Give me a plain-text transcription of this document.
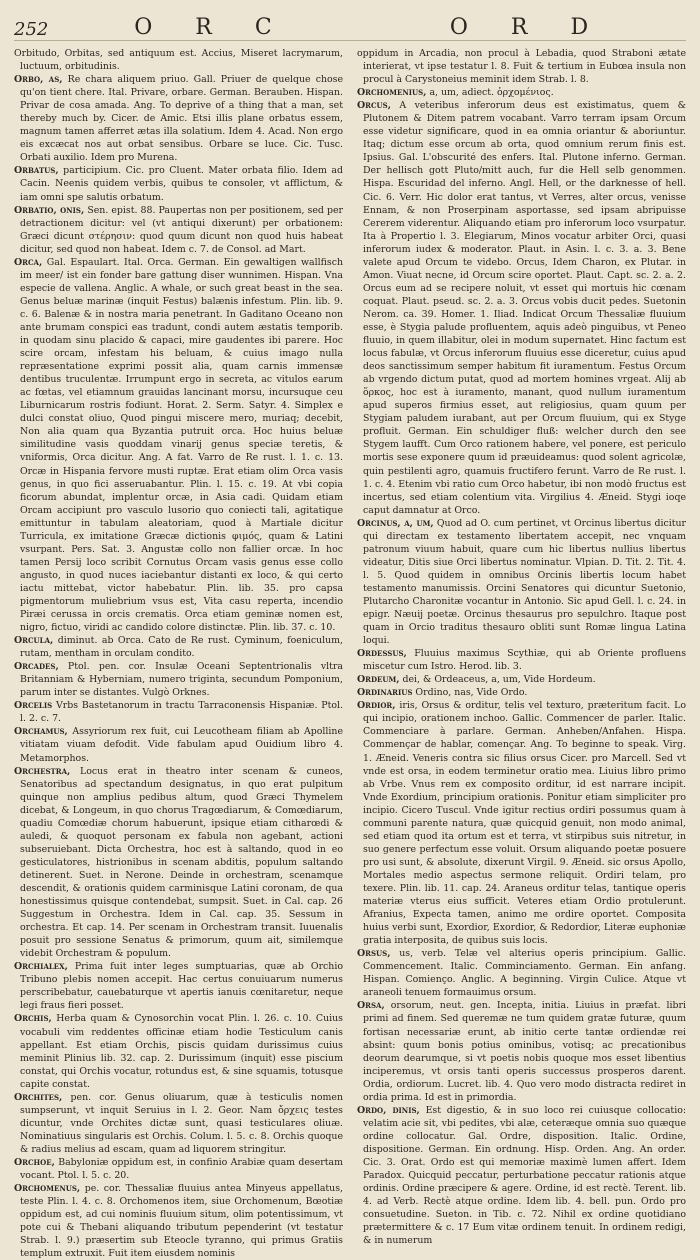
252	O R C	O R D

Orbitudo, Orbitas, sed antiquum est. Accius, Miseret lacrymarum, luctuum, orbitudinis.

Orbo, as, Re chara aliquem priuo. Gall. Priuer de quelque chose qu'on tient chere. Ital. Privare, orbare. German. Berauben. Hispan. Privar de cosa amada. Ang. To deprive of a thing that a man, set thereby much by. Cicer. de Amic. Etsi illis plane orbatus essem, magnum tamen afferret ætas illa solatium. Idem 4. Acad. Non ergo eis excæcat nos aut orbat sensibus. Orbare se luce. Cic. Tusc. Orbati auxilio. Idem pro Murena.

Orbatus, participium. Cic. pro Cluent. Mater orbata filio. Idem ad Cacin. Neenis quidem verbis, quibus te consoler, vt afflictum, & iam omni spe salutis orbatum.

Orbatio, onis, Sen. epist. 88. Paupertas non per positionem, sed per detractionem dicitur: vel (vt antiqui dixerunt) per orbationem: Græci dicunt στέρησιν: quod quum dicunt non quod huis habeat dicitur, sed quod non habeat. Idem c. 7. de Consol. ad Mart.

Orca, Gal. Espaulart. Ital. Orca. German. Ein gewaltigen wallfisch im meer/ ist ein fonder bare gattung diser wunnimen. Hispan. Vna especie de vallena. Anglic. A whale, or such great beast in the sea. Genus beluæ marinæ (inquit Festus) balænis infestum. Plin. lib. 9. c. 6. Balenæ & in nostra maria penetrant. In Gaditano Oceano non ante brumam conspici eas tradunt, condi autem æstatis temporib. in quodam sinu placido & capaci, mire gaudentes ibi parere. Hoc scire orcam, infestam his beluam, & cuius imago nulla repræsentatione exprimi possit alia, quam carnis immensæ dentibus truculentæ. Irrumpunt ergo in secreta, ac vitulos earum ac fœtas, vel etiamnum grauidas lancinant morsu, incursuque ceu Liburnicarum rostris fodiunt. Horat. 2. Serm. Satyr. 4. Simplex e dulci constat oliuo, Quod pingui miscere mero, muriaq; decebit, Non alia quam qua Byzantia putruit orca. Hoc huius beluæ similitudine vasis quoddam vinarij genus speciæ teretis, & vniformis, Orca dicitur. Ang. A fat. Varro de Re rust. l. 1. c. 13. Orcæ in Hispania fervore musti ruptæ. Erat etiam olim Orca vasis genus, in quo fici asseruabantur. Plin. l. 15. c. 19. At vbi copia ficorum abundat, implentur orcæ, in Asia cadi. Quidam etiam Orcam accipiunt pro vasculo lusorio quo coniecti tali, agitatique emittuntur in tabulam aleatoriam, quod à Martiale dicitur Turricula, ex imitatione Græcæ dictionis φιμός, quam & Latini vsurpant. Pers. Sat. 3. Angustæ collo non fallier orcæ. In hoc tamen Persij loco scribit Cornutus Orcam vasis genus esse collo angusto, in quod nuces iaciebantur distanti ex loco, & qui certo iactu mittebat, victor habebatur. Plin. lib. 35. pro capsa pigmentorum muliebrium vsus est, Vita casu reperta, incendio Piræi cerussa in orcis crematis. Orca etiam geminæ nomen est, nigro, fictuo, viridi ac candido colore distinctæ. Plin. lib. 37. c. 10.

Orcula, diminut. ab Orca. Cato de Re rust. Cyminum, foeniculum, rutam, mentham in orculam condito.

Orcades, Ptol. pen. cor. Insulæ Oceani Septentrionalis vltra Britanniam & Hyberniam, numero triginta, secundum Pomponium, parum inter se distantes. Vulgò Orknes.

Orcelis Vrbs Bastetanorum in tractu Tarraconensis Hispaniæ. Ptol. l. 2. c. 7.

Orchamus, Assyriorum rex fuit, cui Leucotheam filiam ab Apolline vitiatam viuam defodit. Vide fabulam apud Ouidium libro 4. Metamorphos.

Orchestra, Locus erat in theatro inter scenam & cuneos, Senatoribus ad spectandum designatus, in quo erat pulpitum quinque non amplius pedibus altum, quod Græci Thymelem dicebat, & Longeum, in quo chorus Tragœdiarum, & Comœdiarum, quadiu Comœdiæ chorum habuerunt, ipsique etiam citharœdi & auledi, & quoquot personam ex fabula non agebant, actioni subseruiebant. Dicta Orchestra, hoc est à saltando, quod in eo gesticulatores, histrionibus in scenam abditis, populum saltando detinerent. Suet. in Nerone. Deinde in orchestram, scenamque descendit, & orationis quidem carminisque Latini coronam, de qua honestissimus quisque contendebat, sumpsit. Suet. in Cal. cap. 26 Suggestum in Orchestra. Idem in Cal. cap. 35. Sessum in orchestra. Et cap. 14. Per scenam in Orchestram transit. Iuuenalis posuit pro sessione Senatus & primorum, quum ait, similemque videbit Orchestram & populum.

Orchialex, Prima fuit inter leges sumptuarias, quæ ab Orchio Tribuno plebis nomen accepit. Hac certus conuiuarum numerus perscribebatur, cauebaturque vt apertis ianuis cœnitaretur, neque legi fraus fieri posset.

Orchis, Herba quam & Cynosorchin vocat Plin. l. 26. c. 10. Cuius vocabuli vim reddentes officinæ etiam hodie Testiculum canis appellant. Est etiam Orchis, piscis quidam durissimus cuius meminit Plinius lib. 32. cap. 2. Durissimum (inquit) esse piscium constat, qui Orchis vocatur, rotundus est, & sine squamis, totusque capite constat.

Orchites, pen. cor. Genus oliuarum, quæ à testiculis nomen sumpserunt, vt inquit Seruius in l. 2. Geor. Nam ὄρχεις testes dicuntur, vnde Orchites dictæ sunt, quasi testiculares oliuæ. Nominatiuus singularis est Orchis. Colum. l. 5. c. 8. Orchis quoque & radius melius ad escam, quam ad liquorem stringitur.

Orchoe, Babyloniæ oppidum est, in confinio Arabiæ quam desertam vocant. Ptol. l. 5. c. 20.

Orchomenus, pe. cor. Thessaliæ fluuius antea Minyeus appellatus, teste Plin. l. 4. c. 8. Orchomenos item, siue Orchomenum, Bœotiæ oppidum est, ad cui nominis fluuium situm, olim potentissimum, vt pote cui & Thebani aliquando tributum pependerint (vt testatur Strab. l. 9.) præsertim sub Eteocle tyranno, qui primus Gratiis templum extruxit. Fuit item eiusdem nominis

oppidum in Arcadia, non procul à Lebadia, quod Straboni ætate interierat, vt ipse testatur l. 8. Fuit & tertium in Eubœa insula non procul à Carystoneius meminit idem Strab. l. 8.

Orchomenius, a, um, adiect. ὀρχομένιος.

Orcus, A veteribus inferorum deus est existimatus, quem & Plutonem & Ditem patrem vocabant. Varro terram ipsam Orcum esse videtur significare, quod in ea omnia oriantur & aboriuntur. Itaq; dictum esse orcum ab orta, quod omnium rerum finis est. Ipsius. Gal. L'obscurité des enfers. Ital. Plutone inferno. German. Der hellisch gott Pluto/mitt auch, fur die Hell selb genommen. Hispa. Escuridad del inferno. Angl. Hell, or the darknesse of hell. Cic. 6. Verr. Hic dolor erat tantus, vt Verres, alter orcus, venisse Ennam, & non Proserpinam asportasse, sed ipsam abripuisse Cererem viderentur. Aliquando etiam pro inferorum loco vsurpatur. Ita à Propertio l. 3. Elegiarum, Minos vocatur arbiter Orci, quasi inferorum iudex & moderator. Plaut. in Asin. l. c. 3. a. 3. Bene valete apud Orcum te videbo. Orcus, Idem Charon, ex Plutar. in Amon. Viuat necne, id Orcum scire oportet. Plaut. Capt. sc. 2. a. 2. Orcus eum ad se recipere noluit, vt esset qui mortuis hic cœnam coquat. Plaut. pseud. sc. 2. a. 3. Orcus vobis ducit pedes. Suetonin Nerom. ca. 39. Homer. 1. Iliad. Indicat Orcum Thessaliæ fluuium esse, è Stygia palude profluentem, aquis adeò pinguibus, vt Peneo fluuio, in quem illabitur, olei in modum supernatet. Hinc factum est locus fabulæ, vt Orcus inferorum fluuius esse diceretur, cuius apud deos sanctissimum semper habitum fit iuramentum. Festus Orcum ab vrgendo dictum putat, quod ad mortem homines vrgeat. Alij ab ὅρκος, hoc est à iuramento, manant, quod nullum iuramentum apud superos firmius esset, aut religiosius, quam quum per Stygiam paludem iurabant, aut per Orcum fluuium, qui ex Styge profluit. German. Ein schuldiger fluß: welcher durch den see Stygem laufft. Cum Orco rationem habere, vel ponere, est periculo mortis sese exponere quum id præuideamus: quod solent agricolæ, quin pestilenti agro, quamuis fructifero ferunt. Varro de Re rust. l. 1. c. 4. Etenim vbi ratio cum Orco habetur, ibi non modò fructus est incertus, sed etiam colentium vita. Virgilius 4. Æneid. Stygi ioqe caput damnatur at Orco.

Orcinus, a, um, Quod ad O. cum pertinet, vt Orcinus libertus dicitur qui directam ex testamento libertatem accepit, nec vnquam patronum viuum habuit, quare cum hic libertus nullius libertus videatur, Ditis siue Orci libertus nominatur. Vlpian. D. Tit. 2. Tit. 4. l. 5. Quod quidem in omnibus Orcinis libertis locum habet testamento manumissis. Orcini Senatores qui dicuntur Suetonio, Plutarcho Charonitæ vocantur in Antonio. Sic apud Gell. l. c. 24. in epigr. Næuij poetæ. Orcinus thesaurus pro sepulchro. Itaque post quam in Orcio traditus thesauro obliti sunt Romæ lingua Latina loqui.

Ordessus, Fluuius maximus Scythiæ, qui ab Oriente profluens miscetur cum Istro. Herod. lib. 3.

Ordeum, dei, & Ordeaceus, a, um, Vide Hordeum.

Ordinarius Ordino, nas, Vide Ordo.

Ordior, iris, Orsus & orditur, telis vel texturo, præteritum facit. Lo qui incipio, orationem inchoo. Gallic. Commencer de parler. Italic. Commenciare à parlare. German. Anheben/Anfahen. Hispa. Commençar de hablar, començar. Ang. To beginne to speak. Virg. 1. Æneid. Veneris contra sic filius orsus Cicer. pro Marcell. Sed vt vnde est orsa, in eodem terminetur oratio mea. Liuius libro primo ab Vrbe. Vnus rem ex composito orditur, id est narrare incipit. Vnde Exordium, principium orationis. Ponitur etiam simpliciter pro incipio. Cicero Tuscul. Vnde igitur rectius ordiri possumus quam à communi parente natura, quæ quicquid genuit, non modo animal, sed etiam quod ita ortum est et terra, vt stirpibus suis nitretur, in suo genere perfectum esse voluit. Orsum aliquando poetæ posuere pro usi sunt, & absolute, dixerunt Virgil. 9. Æneid. sic orsus Apollo, Mortales medio aspectus sermone reliquit. Ordiri telam, pro texere. Plin. lib. 11. cap. 24. Araneus orditur telas, tantique operis materiæ vterus eius sufficit. Veteres etiam Ordio protulerunt. Afranius, Expecta tamen, animo me ordire oportet. Composita huius verbi sunt, Exordior, Exordior, & Redordior, Literæ euphoniæ gratia interposita, de quibus suis locis.

Orsus, us, verb. Telæ vel alterius operis principium. Gallic. Commencement. Italic. Comminciamento. German. Ein anfang. Hispan. Comienço. Anglic. A beginning. Virgin Culice. Atque vt araneoli tenuem formauimus orsum.

Orsa, orsorum, neut. gen. Incepta, initia. Liuius in præfat. libri primi ad finem. Sed queremæ ne tum quidem gratæ futuræ, quum fortisan necessariæ erunt, ab initio certe tantæ ordiendæ rei absint: quum bonis potius ominibus, votisq; ac precationibus deorum dearumque, si vt poetis nobis quoque mos esset libentius inciperemus, vt orsis tanti operis successus prosperos darent. Ordia, ordiorum. Lucret. lib. 4. Quo vero modo distracta rediret in ordia prima. Id est in primordia.

Ordo, dinis, Est digestio, & in suo loco rei cuiusque collocatio: velatim acie sit, vbi pedites, vbi alæ, ceteræque omnia suo quæque ordine collocatur. Gal. Ordre, disposition. Italic. Ordine, dispositione. German. Ein ordnung. Hisp. Orden. Ang. An order. Cic. 3. Orat. Ordo est qui memoriæ maximè lumen affert. Idem Paradox. Quicquid peccatur, perturbatione peccatur rationis atque ordinis. Ordine præcipere & agere. Ordine, id est rectè. Terent. lib. 4. ad Verb. Rectè atque ordine. Idem lib. 4. bell. pun. Ordo pro consuetudine. Sueton. in Tib. c. 72. Nihil ex ordine quotidiano prætermittere & c. 17 Eum vitæ ordinem tenuit. In ordinem redigi, & in numerum
